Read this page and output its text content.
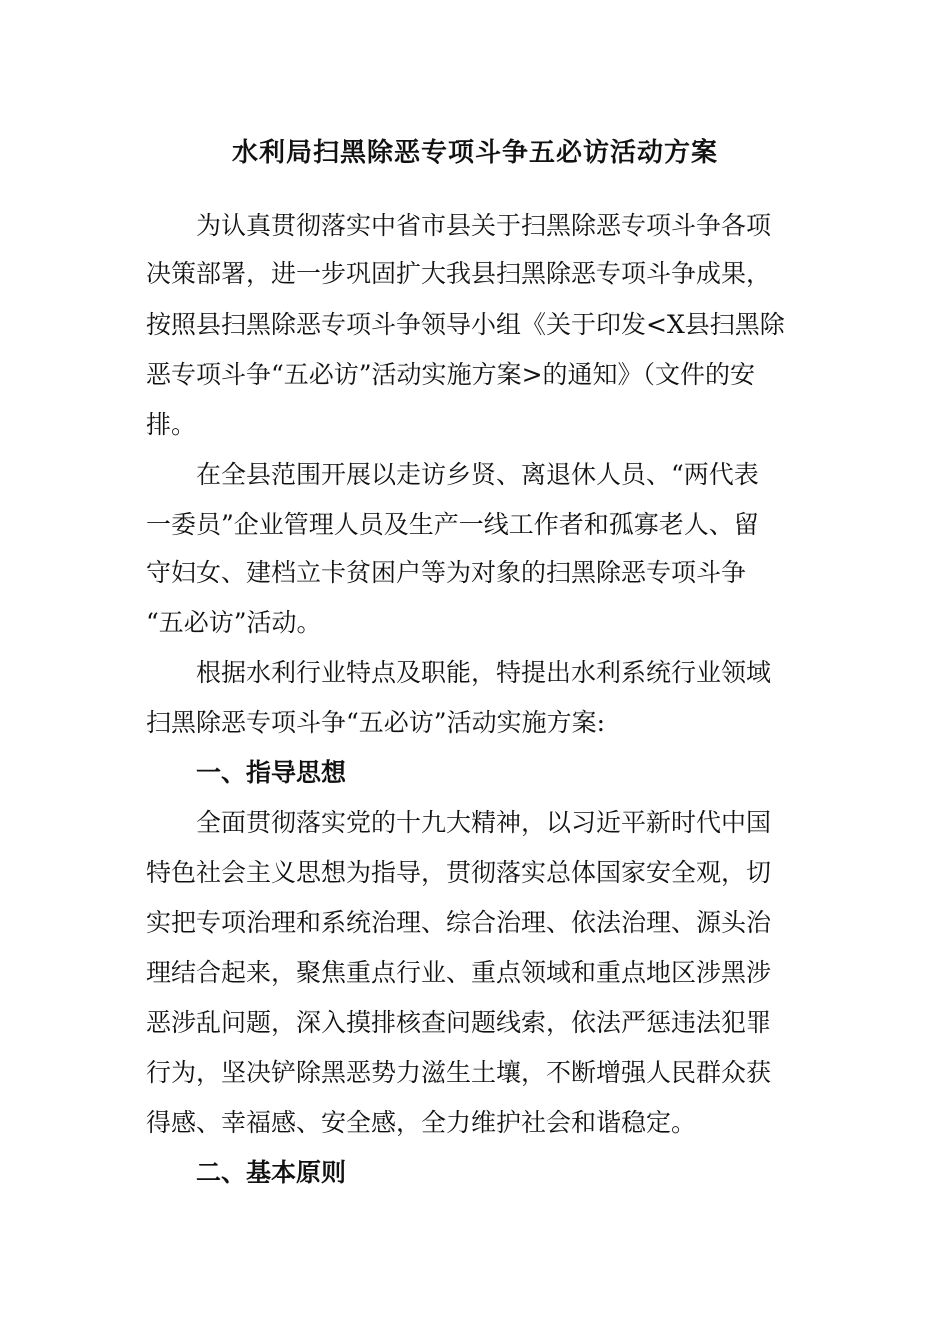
水利局扫黑除恶专项斗争五必访活动方案

为认真贯彻落实中省市县关于扫黑除恶专项斗争各项

决策部署，进一步巩固扩大我县扫黑除恶专项斗争成果，

按照县扫黑除恶专项斗争领导小组《关于印发<X县扫黑除

恶专项斗争“五必访”活动实施方案>的通知》（文件的安

排。

在全县范围开展以走访乡贤、离退休人员、“两代表

一委员”企业管理人员及生产一线工作者和孤寡老人、留

守妇女、建档立卡贫困户等为对象的扫黑除恶专项斗争

“五必访”活动。

根据水利行业特点及职能，特提出水利系统行业领域

扫黑除恶专项斗争“五必访”活动实施方案:

一、指导思想

全面贯彻落实党的十九大精神，以习近平新时代中国

特色社会主义思想为指导，贯彻落实总体国家安全观，切

实把专项治理和系统治理、综合治理、依法治理、源头治

理结合起来，聚焦重点行业、重点领域和重点地区涉黑涉

恶涉乱问题，深入摸排核查问题线索，依法严惩违法犯罪

行为，坚决铲除黑恶势力滋生土壤，不断增强人民群众获

得感、幸福感、安全感，全力维护社会和谐稳定。

二、基本原则
